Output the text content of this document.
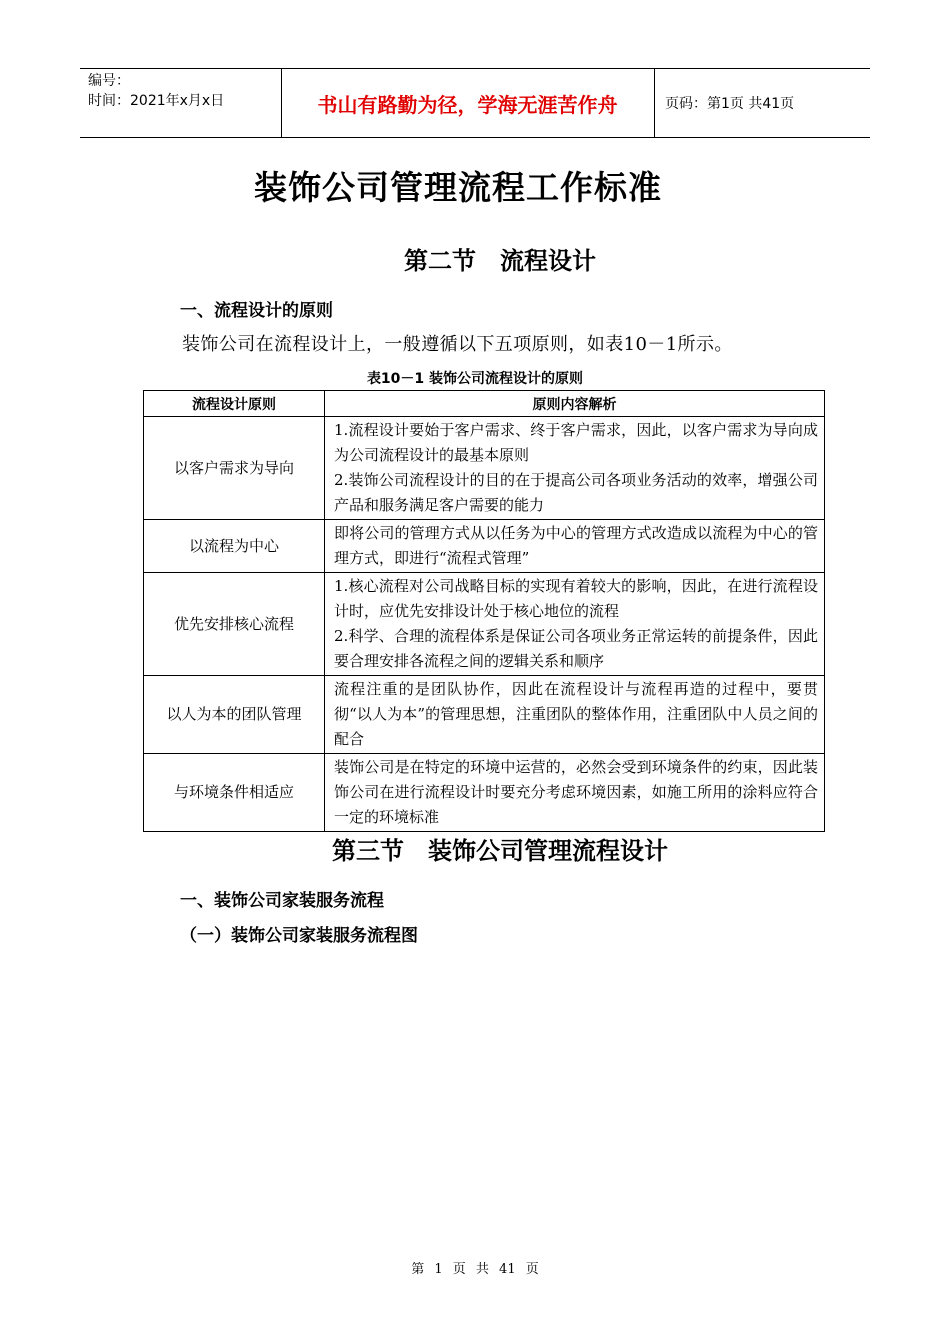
编号：
时间：2021年x月x日	书山有路勤为径，学海无涯苦作舟	页码：第1页 共41页
装饰公司管理流程工作标准
第二节　流程设计
一、流程设计的原则
装饰公司在流程设计上，一般遵循以下五项原则，如表10－1所示。
表10－1 装饰公司流程设计的原则
流程设计原则	原则内容解析
以客户需求为导向	1.流程设计要始于客户需求、终于客户需求，因此，以客户需求为导向成为公司流程设计的最基本原则
2.装饰公司流程设计的目的在于提高公司各项业务活动的效率，增强公司产品和服务满足客户需要的能力

以流程为中心	即将公司的管理方式从以任务为中心的管理方式改造成以流程为中心的管理方式，即进行“流程式管理”

优先安排核心流程	1.核心流程对公司战略目标的实现有着较大的影响，因此，在进行流程设计时，应优先安排设计处于核心地位的流程
2.科学、合理的流程体系是保证公司各项业务正常运转的前提条件，因此要合理安排各流程之间的逻辑关系和顺序

以人为本的团队管理	流程注重的是团队协作，因此在流程设计与流程再造的过程中，要贯彻“以人为本”的管理思想，注重团队的整体作用，注重团队中人员之间的配合

与环境条件相适应	装饰公司是在特定的环境中运营的，必然会受到环境条件的约束，因此装饰公司在进行流程设计时要充分考虑环境因素，如施工所用的涂料应符合一定的环境标准
第三节　装饰公司管理流程设计
一、装饰公司家装服务流程
（一）装饰公司家装服务流程图
第 1 页 共 41 页
